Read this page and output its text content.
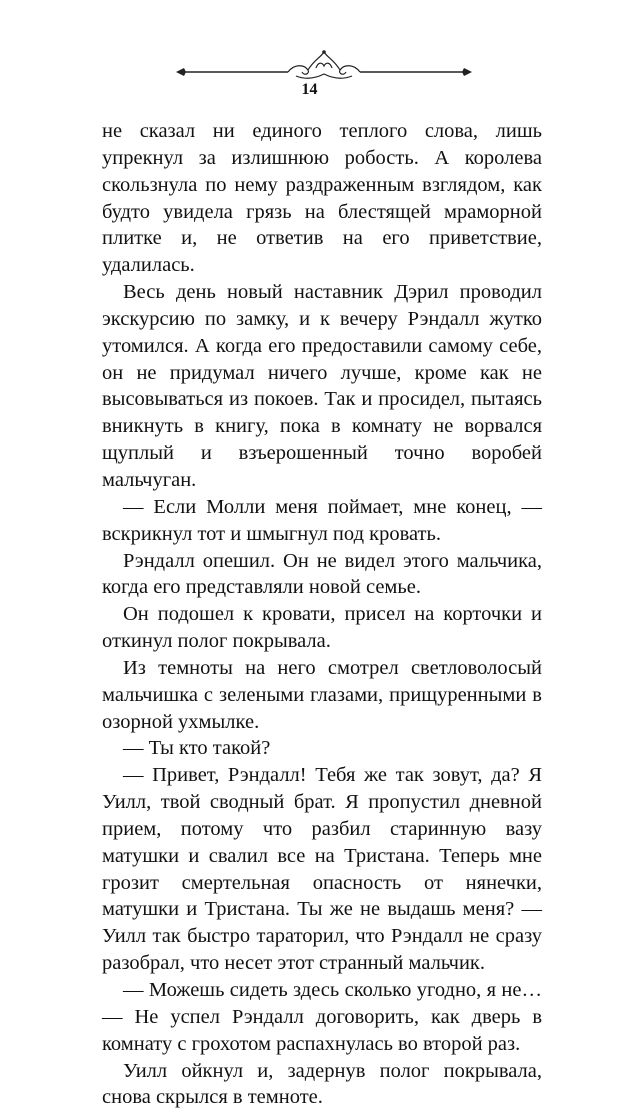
14

не сказал ни единого теплого слова, лишь упрекнул за излишнюю робость. А королева скользнула по нему раздраженным взглядом, как будто увидела грязь на блестящей мраморной плитке и, не ответив на его приветствие, удалилась.

Весь день новый наставник Дэрил проводил экскурсию по замку, и к вечеру Рэндалл жутко утомился. А когда его предоставили самому себе, он не придумал ничего лучше, кроме как не высовываться из покоев. Так и просидел, пытаясь вникнуть в книгу, пока в комнату не ворвался щуплый и взъерошенный точно воробей мальчуган.

— Если Молли меня поймает, мне конец, — вскрикнул тот и шмыгнул под кровать.

Рэндалл опешил. Он не видел этого мальчика, когда его представляли новой семье.

Он подошел к кровати, присел на корточки и откинул полог покрывала.

Из темноты на него смотрел светловолосый мальчишка с зелеными глазами, прищуренными в озорной ухмылке.

— Ты кто такой?

— Привет, Рэндалл! Тебя же так зовут, да? Я Уилл, твой сводный брат. Я пропустил дневной прием, потому что разбил старинную вазу матушки и свалил все на Тристана. Теперь мне грозит смертельная опасность от нянечки, матушки и Тристана. Ты же не выдашь меня? — Уилл так быстро тараторил, что Рэндалл не сразу разобрал, что несет этот странный мальчик.

— Можешь сидеть здесь сколько угодно, я не… — Не успел Рэндалл договорить, как дверь в комнату с грохотом распахнулась во второй раз.

Уилл ойкнул и, задернув полог покрывала, снова скрылся в темноте.
